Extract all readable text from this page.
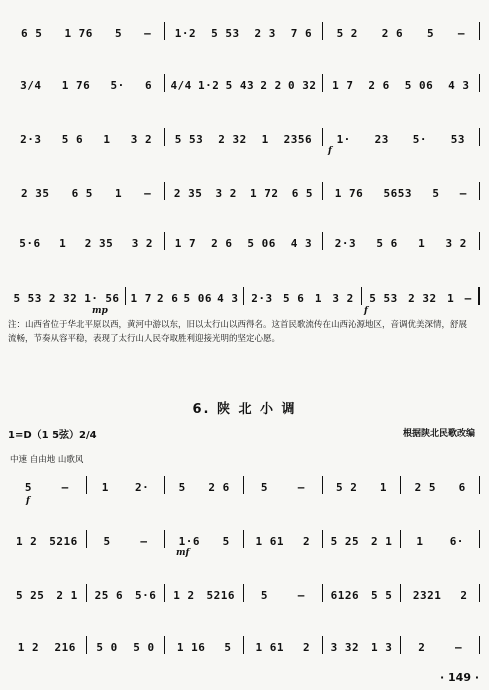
6 5 1 76 5 — 1·2 5 53 2 3 7 6 5 2 2 6 5 —
3/4 1 76 5· 6 4/4 1·2 5 43 2 2 0 32 1 7 2 6 5 06 4 3
2·3 5 6 1 3 2 5 53 2 32 1 2356 1· 23 5· 53
2 35 6 5 1 — 2 35 3 2 1 72 6 5 1 76 5653 5 —
5·6 1 2 35 3 2 1 7 2 6 5 06 4 3 2·3 5 6 1 3 2
5 53 2 32 1· 56 1 7 2 6 5 06 4 3 2·3 5 6 1 3 2 5 53 2 32 1 —
注：山西省位于华北平原以西，黄河中游以东，旧以太行山以西得名。这首民歌流传在山西沁源地区，音调优美深情，舒展流畅，节奏从容平稳，表现了太行山人民夺取胜利迎接光明的坚定心愿。
6. 陕 北 小 调
1=D（1 5弦）2/4	根据陕北民歌改编
中速 自由地 山歌风
5	—	1 2·	5 2 6	5	—	5 2 1	2 5 6
1 2 5216 5	—	1·6 5 1 61 2 5 25 2 1 1 6·
5 25 2 1 25 6 5·6 1 2 5216 5	— 6126 5 5 2321 2
1 2 216 5 0 5 0 1 16 5 1 61 2 3 32 1 3 2	—
· 149 ·
f
mp	f
f
mf
